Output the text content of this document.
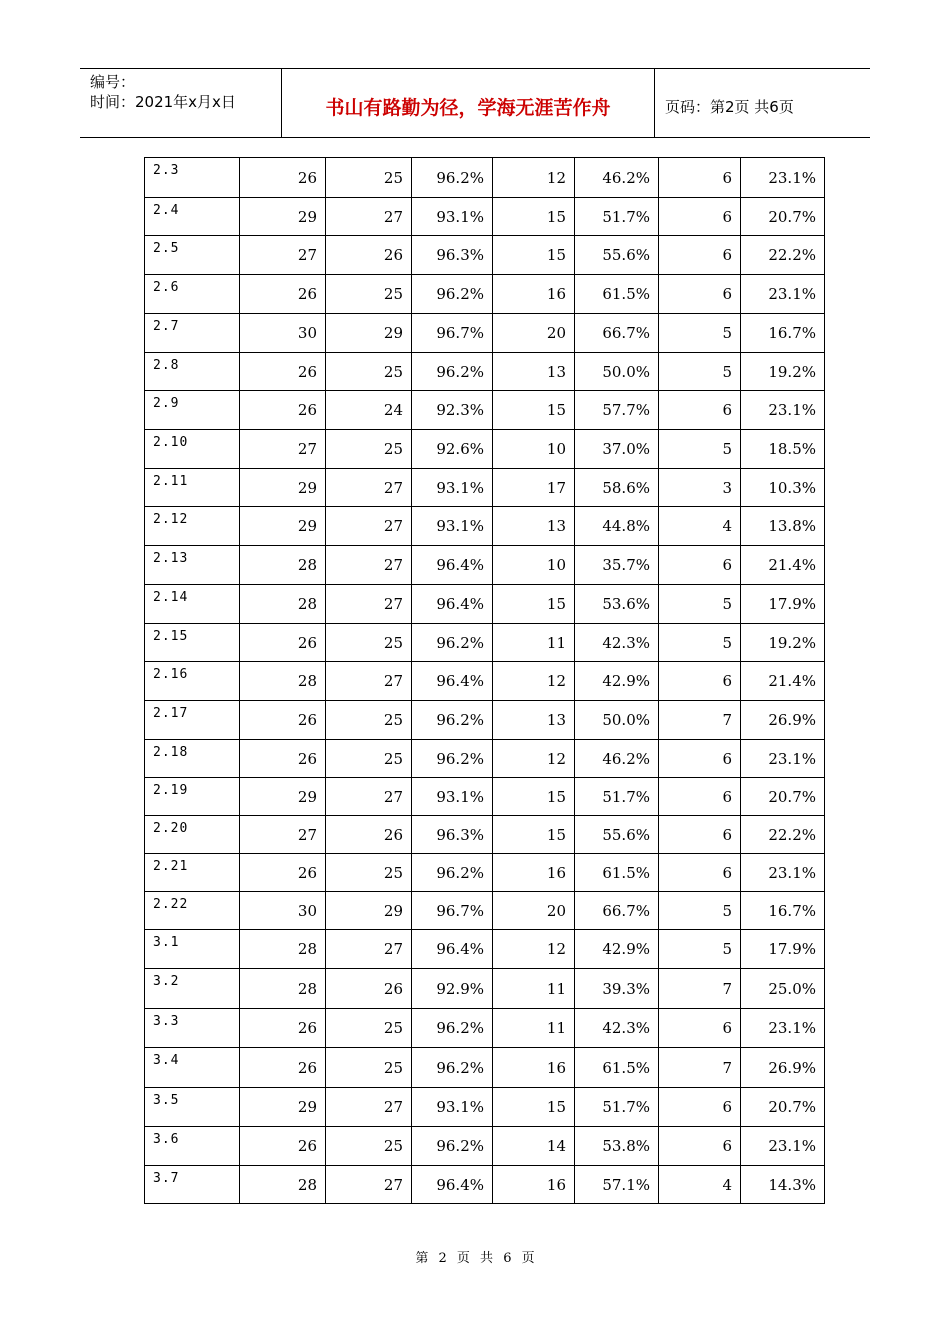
编号：
时间：2021年x月x日	书山有路勤为径，学海无涯苦作舟	页码：第2页 共6页
2.3	26	25	96.2%	12	46.2%	6	23.1%
2.4	29	27	93.1%	15	51.7%	6	20.7%
2.5	27	26	96.3%	15	55.6%	6	22.2%
2.6	26	25	96.2%	16	61.5%	6	23.1%
2.7	30	29	96.7%	20	66.7%	5	16.7%
2.8	26	25	96.2%	13	50.0%	5	19.2%
2.9	26	24	92.3%	15	57.7%	6	23.1%
2.10	27	25	92.6%	10	37.0%	5	18.5%
2.11	29	27	93.1%	17	58.6%	3	10.3%
2.12	29	27	93.1%	13	44.8%	4	13.8%
2.13	28	27	96.4%	10	35.7%	6	21.4%
2.14	28	27	96.4%	15	53.6%	5	17.9%
2.15	26	25	96.2%	11	42.3%	5	19.2%
2.16	28	27	96.4%	12	42.9%	6	21.4%
2.17	26	25	96.2%	13	50.0%	7	26.9%
2.18	26	25	96.2%	12	46.2%	6	23.1%
2.19	29	27	93.1%	15	51.7%	6	20.7%
2.20	27	26	96.3%	15	55.6%	6	22.2%
2.21	26	25	96.2%	16	61.5%	6	23.1%
2.22	30	29	96.7%	20	66.7%	5	16.7%
3.1	28	27	96.4%	12	42.9%	5	17.9%
3.2	28	26	92.9%	11	39.3%	7	25.0%
3.3	26	25	96.2%	11	42.3%	6	23.1%
3.4	26	25	96.2%	16	61.5%	7	26.9%
3.5	29	27	93.1%	15	51.7%	6	20.7%
3.6	26	25	96.2%	14	53.8%	6	23.1%
3.7	28	27	96.4%	16	57.1%	4	14.3%
第 2 页 共 6 页
